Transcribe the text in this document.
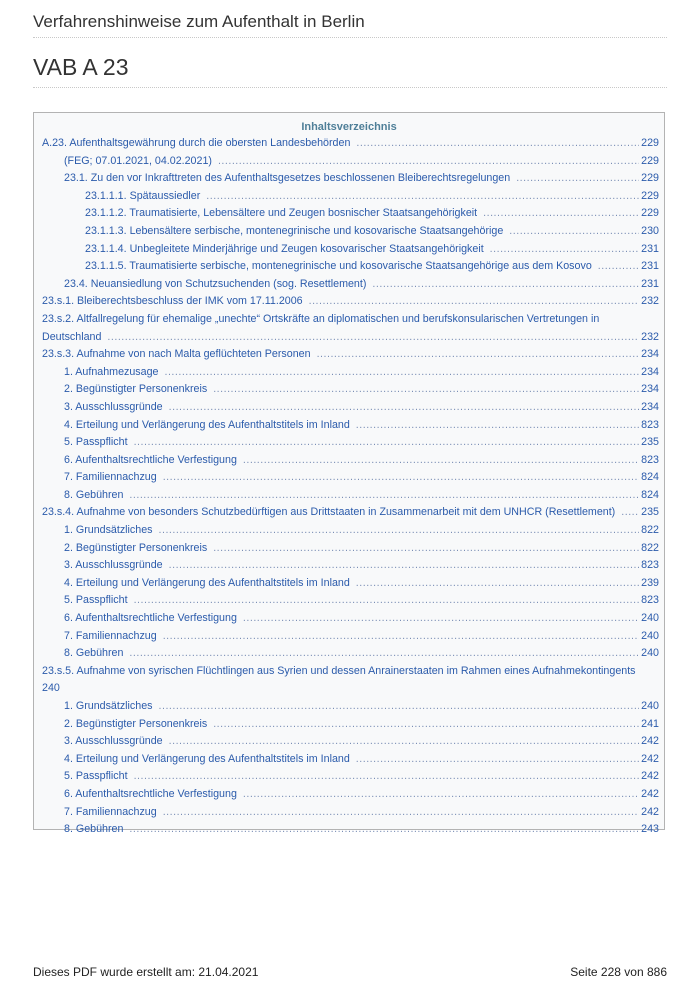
Verfahrenshinweise zum Aufenthalt in Berlin
VAB A 23
Inhaltsverzeichnis
A.23. Aufenthaltsgewährung durch die obersten Landesbehörden .....	229
(FEG; 07.01.2021, 04.02.2021) .....	229
23.1. Zu den vor Inkrafttreten des Aufenthaltsgesetzes beschlossenen Bleiberechtsregelungen .....	229
23.1.1.1. Spätaussiedler .....	229
23.1.1.2. Traumatisierte, Lebensältere und Zeugen bosnischer Staatsangehörigkeit .....	229
23.1.1.3. Lebensältere serbische, montenegrinische und kosovarische Staatsangehörige .....	230
23.1.1.4. Unbegleitete Minderjährige und Zeugen kosovarischer Staatsangehörigkeit .....	231
23.1.1.5. Traumatisierte serbische, montenegrinische und kosovarische Staatsangehörige aus dem Kosovo .....	231
23.4. Neuansiedlung von Schutzsuchenden (sog. Resettlement) .....	231
23.s.1. Bleiberechtsbeschluss der IMK vom 17.11.2006 .....	232
23.s.2. Altfallregelung für ehemalige „unechte“ Ortskräfte an diplomatischen und berufskonsularischen Vertretungen in
Deutschland .....	232
23.s.3. Aufnahme von nach Malta geflüchteten Personen .....	234
1. Aufnahmezusage .....	234
2. Begünstigter Personenkreis .....	234
3. Ausschlussgründe .....	234
4. Erteilung und Verlängerung des Aufenthaltstitels im Inland .....	823
5. Passpflicht .....	235
6. Aufenthaltsrechtliche Verfestigung .....	823
7. Familiennachzug .....	824
8. Gebühren .....	824
23.s.4. Aufnahme von besonders Schutzbedürftigen aus Drittstaaten in Zusammenarbeit mit dem UNHCR (Resettlement) ..... 235
1. Grundsätzliches .....	822
2. Begünstigter Personenkreis .....	822
3. Ausschlussgründe .....	823
4. Erteilung und Verlängerung des Aufenthaltstitels im Inland .....	239
5. Passpflicht .....	823
6. Aufenthaltsrechtliche Verfestigung .....	240
7. Familiennachzug .....	240
8. Gebühren .....	240
23.s.5. Aufnahme von syrischen Flüchtlingen aus Syrien und dessen Anrainerstaaten im Rahmen eines Aufnahmekontingents
240
1. Grundsätzliches .....	240
2. Begünstigter Personenkreis .....	241
3. Ausschlussgründe .....	242
4. Erteilung und Verlängerung des Aufenthaltstitels im Inland .....	242
5. Passpflicht .....	242
6. Aufenthaltsrechtliche Verfestigung .....	242
7. Familiennachzug .....	242
8. Gebühren .....	243
Dieses PDF wurde erstellt am: 21.04.2021	Seite 228 von 886
